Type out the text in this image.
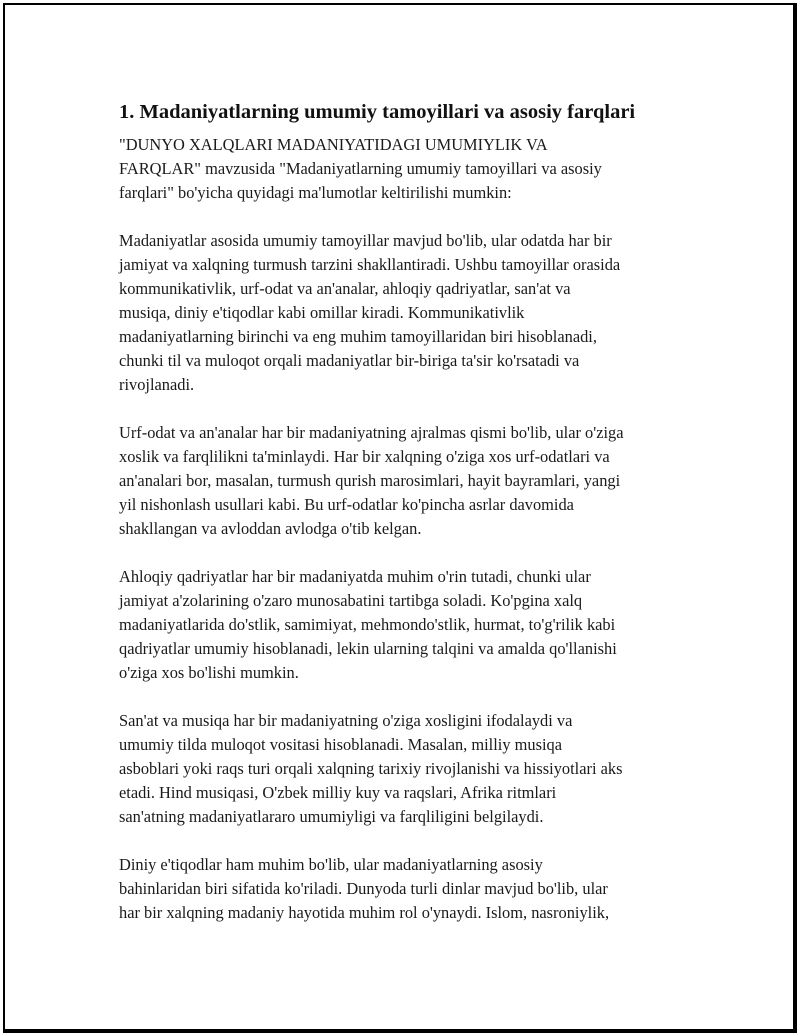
1. Madaniyatlarning umumiy tamoyillari va asosiy farqlari
"DUNYO XALQLARI MADANIYATIDAGI UMUMIYLIK VA
FARQLAR" mavzusida "Madaniyatlarning umumiy tamoyillari va asosiy
farqlari" bo'yicha quyidagi ma'lumotlar keltirilishi mumkin:
Madaniyatlar asosida umumiy tamoyillar mavjud bo'lib, ular odatda har bir
jamiyat va xalqning turmush tarzini shakllantiradi. Ushbu tamoyillar orasida
kommunikativlik, urf-odat va an'analar, ahloqiy qadriyatlar, san'at va
musiqa, diniy e'tiqodlar kabi omillar kiradi. Kommunikativlik
madaniyatlarning birinchi va eng muhim tamoyillaridan biri hisoblanadi,
chunki til va muloqot orqali madaniyatlar bir-biriga ta'sir ko'rsatadi va
rivojlanadi.
Urf-odat va an'analar har bir madaniyatning ajralmas qismi bo'lib, ular o'ziga
xoslik va farqlilikni ta'minlaydi. Har bir xalqning o'ziga xos urf-odatlari va
an'analari bor, masalan, turmush qurish marosimlari, hayit bayramlari, yangi
yil nishonlash usullari kabi. Bu urf-odatlar ko'pincha asrlar davomida
shakllangan va avloddan avlodga o'tib kelgan.
Ahloqiy qadriyatlar har bir madaniyatda muhim o'rin tutadi, chunki ular
jamiyat a'zolarining o'zaro munosabatini tartibga soladi. Ko'pgina xalq
madaniyatlarida do'stlik, samimiyat, mehmondo'stlik, hurmat, to'g'rilik kabi
qadriyatlar umumiy hisoblanadi, lekin ularning talqini va amalda qo'llanishi
o'ziga xos bo'lishi mumkin.
San'at va musiqa har bir madaniyatning o'ziga xosligini ifodalaydi va
umumiy tilda muloqot vositasi hisoblanadi. Masalan, milliy musiqa
asboblari yoki raqs turi orqali xalqning tarixiy rivojlanishi va hissiyotlari aks
etadi. Hind musiqasi, O'zbek milliy kuy va raqslari, Afrika ritmlari
san'atning madaniyatlararo umumiyligi va farqliligini belgilaydi.
Diniy e'tiqodlar ham muhim bo'lib, ular madaniyatlarning asosiy
bahinlaridan biri sifatida ko'riladi. Dunyoda turli dinlar mavjud bo'lib, ular
har bir xalqning madaniy hayotida muhim rol o'ynaydi. Islom, nasroniylik,
